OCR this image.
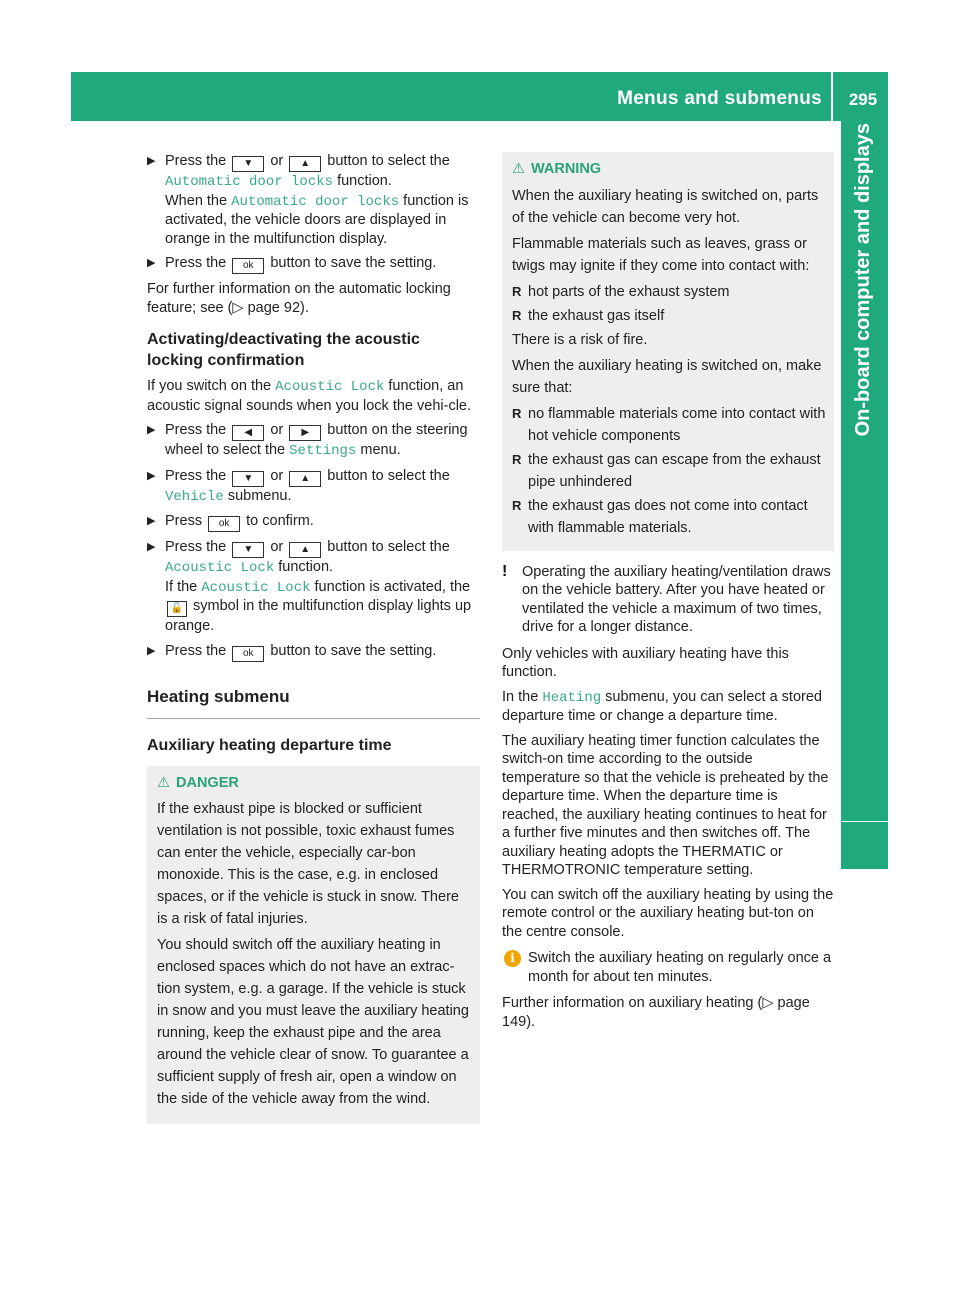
Menus and submenus	295
On-board computer and displays
▶ Press the ▼ or ▲ button to select the Automatic door locks function.
When the Automatic door locks function is activated, the vehicle doors are displayed in orange in the multifunction display.
▶ Press the ok button to save the setting.

For further information on the automatic locking feature; see (▷ page 92).

Activating/deactivating the acoustic locking confirmation

If you switch on the Acoustic Lock function, an acoustic signal sounds when you lock the vehi-cle.

▶ Press the ◀ or ▶ button on the steering wheel to select the Settings menu.
▶ Press the ▼ or ▲ button to select the Vehicle submenu.
▶ Press ok to confirm.
▶ Press the ▼ or ▲ button to select the Acoustic Lock function.
If the Acoustic Lock function is activated, the 🔓 symbol in the multifunction display lights up orange.
▶ Press the ok button to save the setting.
Heating submenu
Auxiliary heating departure time
⚠ DANGER

If the exhaust pipe is blocked or sufficient ventilation is not possible, toxic exhaust fumes can enter the vehicle, especially car-bon monoxide. This is the case, e.g. in enclosed spaces, or if the vehicle is stuck in snow. There is a risk of fatal injuries.

You should switch off the auxiliary heating in enclosed spaces which do not have an extrac-tion system, e.g. a garage. If the vehicle is stuck in snow and you must leave the auxiliary heating running, keep the exhaust pipe and the area around the vehicle clear of snow. To guarantee a sufficient supply of fresh air, open a window on the side of the vehicle away from the wind.

⚠ WARNING

When the auxiliary heating is switched on, parts of the vehicle can become very hot.

Flammable materials such as leaves, grass or twigs may ignite if they come into contact with:

R hot parts of the exhaust system
R the exhaust gas itself

There is a risk of fire.

When the auxiliary heating is switched on, make sure that:

R no flammable materials come into contact with hot vehicle components
R the exhaust gas can escape from the exhaust pipe unhindered
R the exhaust gas does not come into contact with flammable materials.
! Operating the auxiliary heating/ventilation draws on the vehicle battery. After you have heated or ventilated the vehicle a maximum of two times, drive for a longer distance.

Only vehicles with auxiliary heating have this function.

In the Heating submenu, you can select a stored departure time or change a departure time.

The auxiliary heating timer function calculates the switch-on time according to the outside temperature so that the vehicle is preheated by the departure time. When the departure time is reached, the auxiliary heating continues to heat for a further five minutes and then switches off. The auxiliary heating adopts the THERMATIC or THERMOTRONIC temperature setting.

You can switch off the auxiliary heating by using the remote control or the auxiliary heating but-ton on the centre console.

i Switch the auxiliary heating on regularly once a month for about ten minutes.

Further information on auxiliary heating (▷ page 149).
